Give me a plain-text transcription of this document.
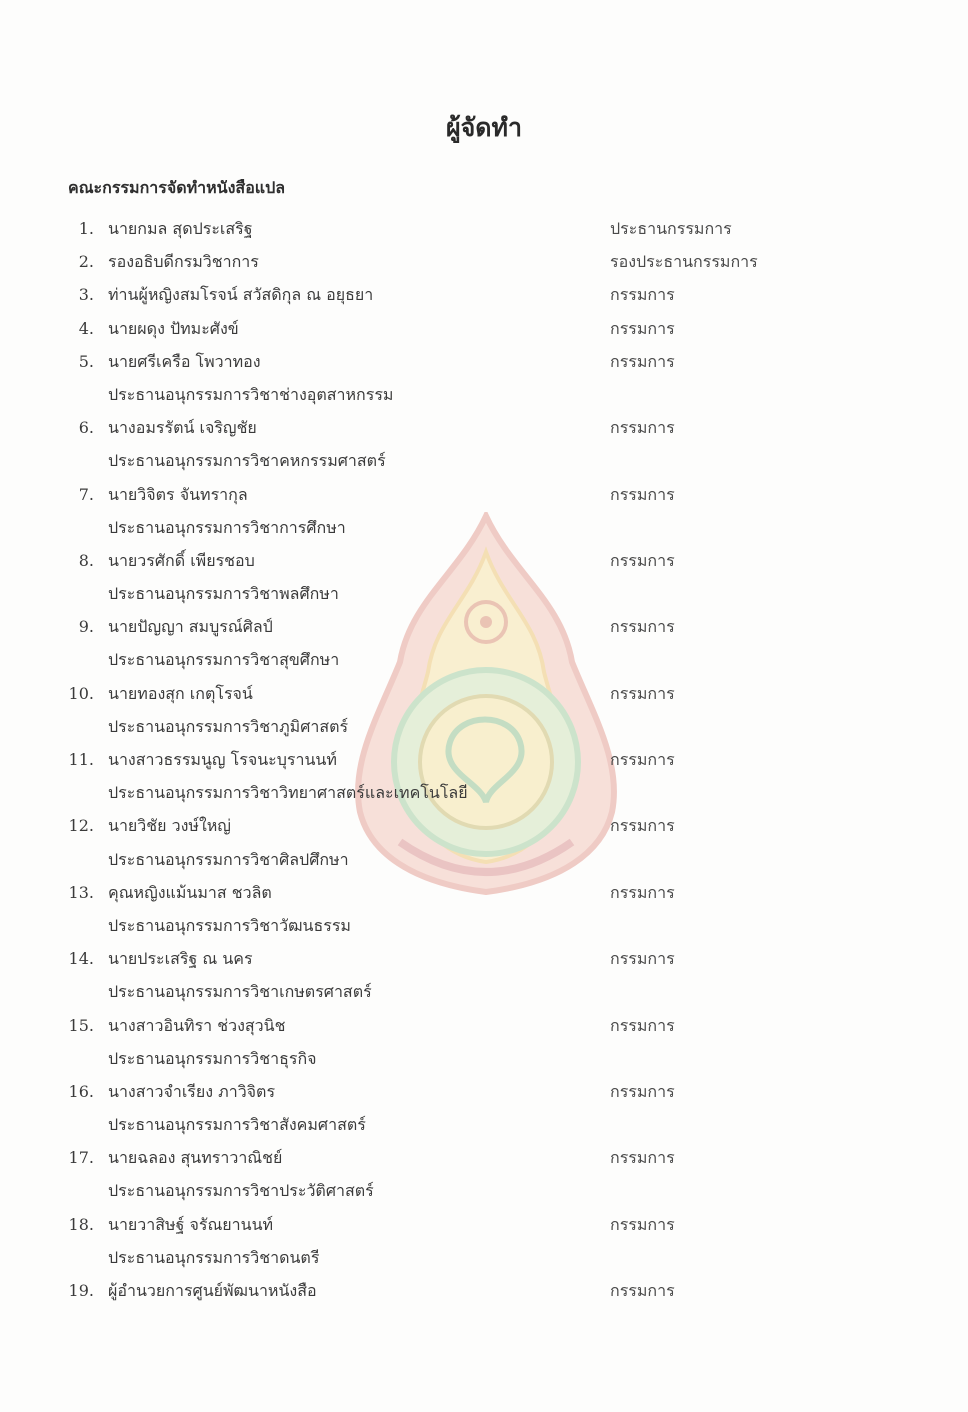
ผู้จัดทำ
คณะกรรมการจัดทำหนังสือแปล
1. นายกมล สุดประเสริฐ	ประธานกรรมการ
2. รองอธิบดีกรมวิชาการ	รองประธานกรรมการ
3. ท่านผู้หญิงสมโรจน์ สวัสดิกุล ณ อยุธยา	กรรมการ
4. นายผดุง ปัทมะศังข์	กรรมการ
5. นายศรีเครือ โพวาทอง	กรรมการ
ประธานอนุกรรมการวิชาช่างอุตสาหกรรม
6. นางอมรรัตน์ เจริญชัย	กรรมการ
ประธานอนุกรรมการวิชาคหกรรมศาสตร์
7. นายวิจิตร จันทรากุล	กรรมการ
ประธานอนุกรรมการวิชาการศึกษา
8. นายวรศักดิ์ เพียรชอบ	กรรมการ
ประธานอนุกรรมการวิชาพลศึกษา
9. นายปัญญา สมบูรณ์ศิลป์	กรรมการ
ประธานอนุกรรมการวิชาสุขศึกษา
10. นายทองสุก เกตุโรจน์	กรรมการ
ประธานอนุกรรมการวิชาภูมิศาสตร์
11. นางสาวธรรมนูญ โรจนะบุรานนท์	กรรมการ
ประธานอนุกรรมการวิชาวิทยาศาสตร์และเทคโนโลยี
12. นายวิชัย วงษ์ใหญ่	กรรมการ
ประธานอนุกรรมการวิชาศิลปศึกษา
13. คุณหญิงแม้นมาส ชวลิต	กรรมการ
ประธานอนุกรรมการวิชาวัฒนธรรม
14. นายประเสริฐ ณ นคร	กรรมการ
ประธานอนุกรรมการวิชาเกษตรศาสตร์
15. นางสาวอินทิรา ช่วงสุวนิช	กรรมการ
ประธานอนุกรรมการวิชาธุรกิจ
16. นางสาวจำเรียง ภาวิจิตร	กรรมการ
ประธานอนุกรรมการวิชาสังคมศาสตร์
17. นายฉลอง สุนทราวาณิชย์	กรรมการ
ประธานอนุกรรมการวิชาประวัติศาสตร์
18. นายวาสิษฐ์ จรัณยานนท์	กรรมการ
ประธานอนุกรรมการวิชาดนตรี
19. ผู้อำนวยการศูนย์พัฒนาหนังสือ	กรรมการ
